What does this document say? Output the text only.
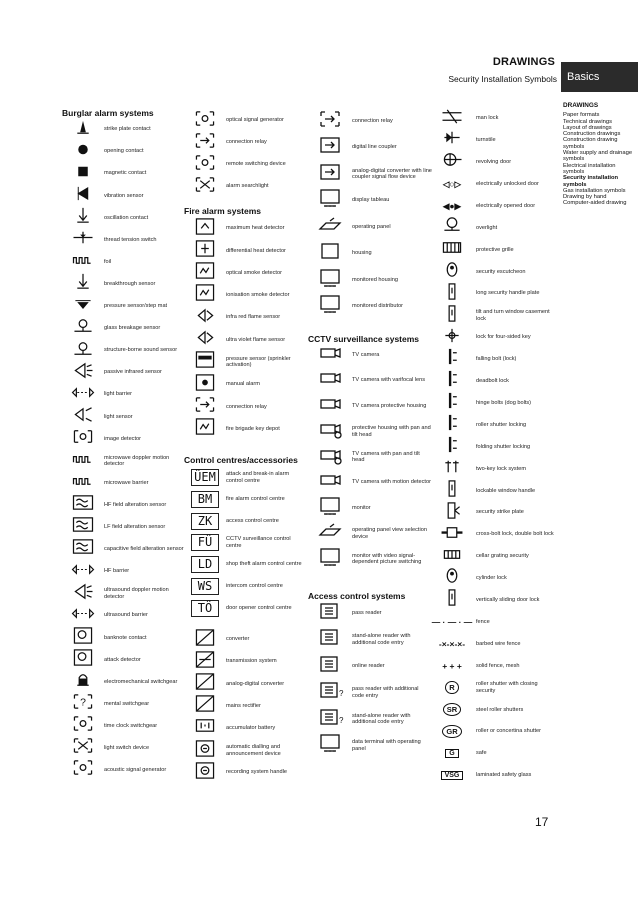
DRAWINGS
Security Installation Symbols Basics
DRAWINGS
Paper formats
Technical drawings
Layout of drawings
Construction drawings
Construction drawing symbols
Water supply and drainage symbols
Electrical installation symbols
Security installation symbols
Gas installation symbols
Drawing by hand
Computer-aided drawing
Burglar alarm systems
strike plate contact
opening contact
magnetic contact
vibration sensor
oscillation contact
thread tension switch
foil
breakthrough sensor
pressure sensor/step mat
glass breakage sensor
structure-borne sound sensor
passive infrared sensor
light barrier
light sensor
image detector
microwave doppler motion detector
microwave barrier
HF field alteration sensor
LF field alteration sensor
capacitive field alteration sensor
HF barrier
ultrasound doppler motion detector
ultrasound barrier
banknote contact
attack detector
electromechanical switchgear
?	mental switchgear
time clock switchgear
light switch device
acoustic signal generator
optical signal generator
connection relay
remote switching device
alarm searchlight
Fire alarm systems
maximum heat detector
differential heat detector
optical smoke detector
ionisation smoke detector
infra red flame sensor
ultra violet flame sensor
pressure sensor (sprinkler activation)
manual alarm
connection relay
fire brigade key depot
Control centres/accessories
ÜEM	attack and break-in alarm control centre
BM	fire alarm control centre
ZK	access control centre
FÜ	CCTV surveillance control centre
LD	shop theft alarm control centre
WS	intercom control centre
TÖ	door opener control centre
converter
transmission system
analog-digital converter
mains rectifier
accumulator battery
automatic dialling and announcement device
recording system handle
connection relay
digital line coupler
analog-digital converter with line coupler signal flow device
display tableau
operating panel
housing
monitored housing
monitored distributor
CCTV surveillance systems
TV camera
TV camera with varifocal lens
TV camera protective housing
protective housing with pan and tilt head
TV camera with pan and tilt head
TV camera with motion detector
monitor
operating panel view selection device
monitor with video signal-dependent picture switching
Access control systems
pass reader
stand-alone reader with additional code entry
online reader
? pass reader with additional code entry
? stand-alone reader with additional code entry
data terminal with operating panel
man lock
turnstile
revolving door
◁○▷	electrically unlocked door
◀●▶	electrically opened door
overlight
protective grille
security escutcheon
long security handle plate
tilt and turn window casement lock
lock for four-sided key
falling bolt (lock)
deadbolt lock
hinge bolts (dog bolts)
roller shutter locking
folding shutter locking
two-key lock system
lockable window handle
security strike plate
cross-bolt lock, double bolt lock
cellar grating security
cylinder lock
vertically sliding door lock
— · — · — fence
-×-×-×- barbed wire fence
+ + +	solid fence, mesh
R	roller shutter with closing security
SR	steel roller shutters
GR	roller or concertina shutter
G	safe
VSG	laminated safety glass
17
